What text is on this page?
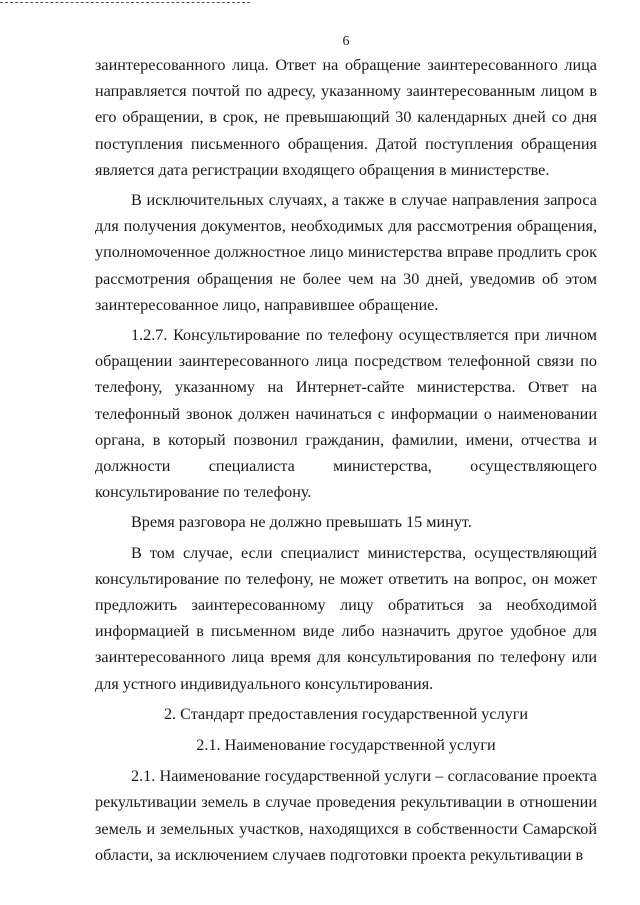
6

заинтересованного лица. Ответ на обращение заинтересованного лица направляется почтой по адресу, указанному заинтересованным лицом в его обращении, в срок, не превышающий 30 календарных дней со дня поступления письменного обращения. Датой поступления обращения является дата регистрации входящего обращения в министерстве.

В исключительных случаях, а также в случае направления запроса для получения документов, необходимых для рассмотрения обращения, уполномоченное должностное лицо министерства вправе продлить срок рассмотрения обращения не более чем на 30 дней, уведомив об этом заинтересованное лицо, направившее обращение.

1.2.7. Консультирование по телефону осуществляется при личном обращении заинтересованного лица посредством телефонной связи по телефону, указанному на Интернет-сайте министерства. Ответ на телефонный звонок должен начинаться с информации о наименовании органа, в который позвонил гражданин, фамилии, имени, отчества и должности специалиста министерства, осуществляющего консультирование по телефону.

Время разговора не должно превышать 15 минут.

В том случае, если специалист министерства, осуществляющий консультирование по телефону, не может ответить на вопрос, он может предложить заинтересованному лицу обратиться за необходимой информацией в письменном виде либо назначить другое удобное для заинтересованного лица время для консультирования по телефону или для устного индивидуального консультирования.

2. Стандарт предоставления государственной услуги

2.1. Наименование государственной услуги

2.1. Наименование государственной услуги – согласование проекта рекультивации земель в случае проведения рекультивации в отношении земель и земельных участков, находящихся в собственности Самарской области, за исключением случаев подготовки проекта рекультивации в
